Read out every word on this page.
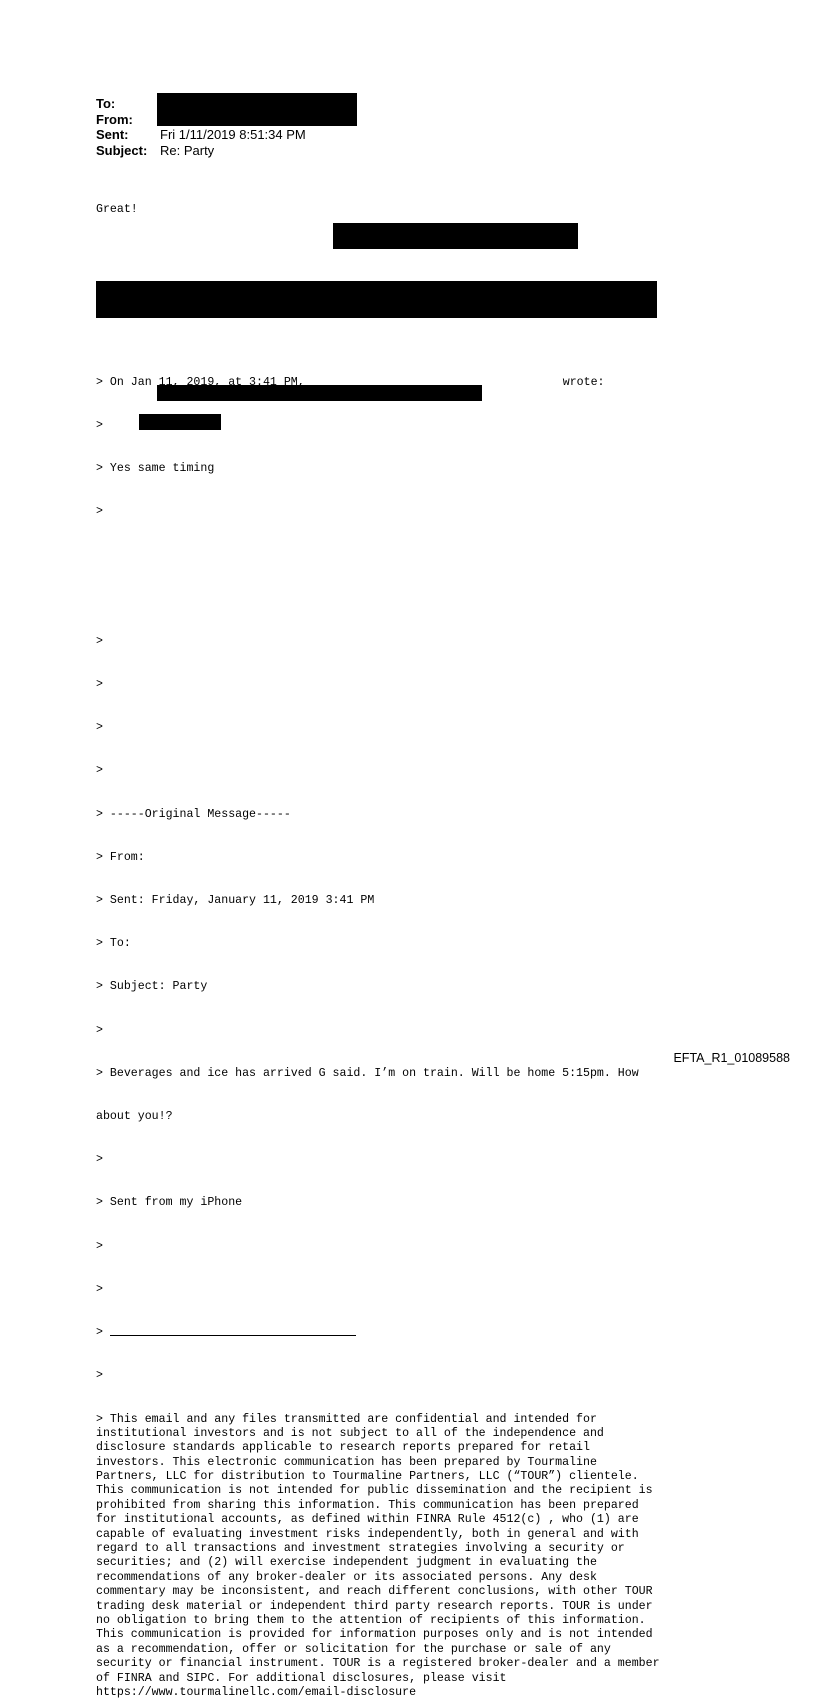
To:
From:
Sent:	Fri 1/11/2019 8:51:34 PM
Subject: Re: Party

Great!

Sent from my iPhone

> On Jan 11, 2019, at 3:41 PM,	wrote:

>

> Yes same timing

>

>

>

>

>

> -----Original Message-----

> From:

> Sent: Friday, January 11, 2019 3:41 PM

> To:

> Subject: Party

>

> Beverages and ice has arrived G said. I’m on train. Will be home 5:15pm. How

about you!?

>

> Sent from my iPhone

>

>

>

>

> This email and any files transmitted are confidential and intended for
institutional investors and is not subject to all of the independence and
disclosure standards applicable to research reports prepared for retail
investors. This electronic communication has been prepared by Tourmaline
Partners, LLC for distribution to Tourmaline Partners, LLC (“TOUR”) clientele.
This communication is not intended for public dissemination and the recipient is
prohibited from sharing this information. This communication has been prepared
for institutional accounts, as defined within FINRA Rule 4512(c) , who (1) are
capable of evaluating investment risks independently, both in general and with
regard to all transactions and investment strategies involving a security or
securities; and (2) will exercise independent judgment in evaluating the
recommendations of any broker-dealer or its associated persons. Any desk
commentary may be inconsistent, and reach different conclusions, with other TOUR
trading desk material or independent third party research reports. TOUR is under
no obligation to bring them to the attention of recipients of this information.
This communication is provided for information purposes only and is not intended
as a recommendation, offer or solicitation for the purchase or sale of any
security or financial instrument. TOUR is a registered broker-dealer and a member
of FINRA and SIPC. For additional disclosures, please visit
https://www.tourmalinellc.com/email-disclosure

EFTA_R1_01089588
